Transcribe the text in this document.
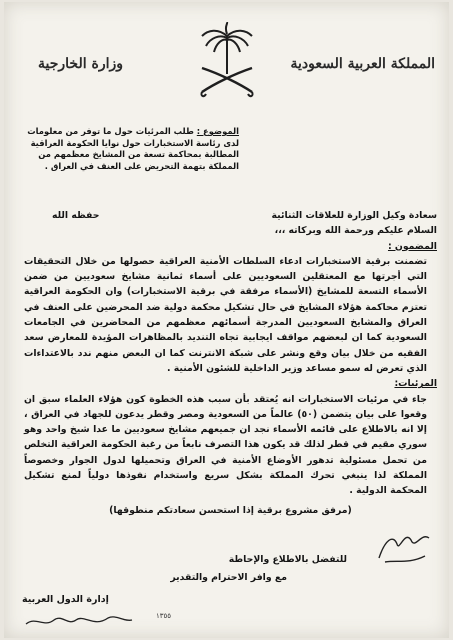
المملكة العربية السعودية
وزارة الخارجية
الموضوع : طلب المرئيات حول ما توفر من معلومات لدى رئاسة الاستخبارات حول نوايا الحكومة العراقية المطالبة بمحاكمة تسعة من المشايخ معظمهم من المملكة بتهمة التحريض على العنف في العراق .
سعادة وكيل الوزارة للعلاقات الثنائية
حفظه الله

السلام عليكم ورحمة الله وبركاته ،،،

المضمون :

تضمنت برقية الاستخبارات ادعاء السلطات الأمنية العراقية حصولها من خلال التحقيقات التي أجرتها مع المعتقلين السعوديين على أسماء ثمانية مشايخ سعوديين من ضمن الأسماء التسعة للمشايخ (الأسماء مرفقة في برقية الاستخبارات) وان الحكومة العراقية تعتزم محاكمة هؤلاء المشايخ في حال تشكيل محكمة دولية ضد المحرضين على العنف في العراق والمشايخ السعوديين المدرجة أسمائهم معظمهم من المحاضرين في الجامعات السعودية كما ان لبعضهم مواقف ايجابية تجاه التنديد بالمظاهرات المؤيدة للمعارض سعد الفقيه من خلال بيان وقع ونشر على شبكة الانترنت كما ان البعض منهم ندد بالاعتداءات الذي تعرض له سمو مساعد وزير الداخلية للشئون الأمنية .

المرئيات:

جاء في مرئيات الاستخبارات انه يُعتقد بأن سبب هذه الخطوة كون هؤلاء العلماء سبق ان وقعوا على بيان يتضمن (٥٠) عالماً من السعودية ومصر وقطر يدعون للجهاد في العراق ، إلا انه بالاطلاع على قائمه الأسماء نجد ان جميعهم مشايخ سعوديين ما عدا شيخ واحد وهو سوري مقيم في قطر لذلك قد يكون هذا التصرف نابعاً من رغبة الحكومة العراقية التخلص من تحمل مسئولية تدهور الأوضاع الأمنية في العراق وتحميلها لدول الجوار وخصوصاً المملكة لذا ينبغي تحرك المملكة بشكل سريع واستخدام نفوذها دولياً لمنع تشكيل المحكمة الدولية .

(مرفق مشروع برقية إذا استحسن سعادتكم منطوقها)

للتفضل بالاطلاع والإحاطة
مع وافر الاحترام والتقدير
إدارة الدول العربية
١٣٥٥
